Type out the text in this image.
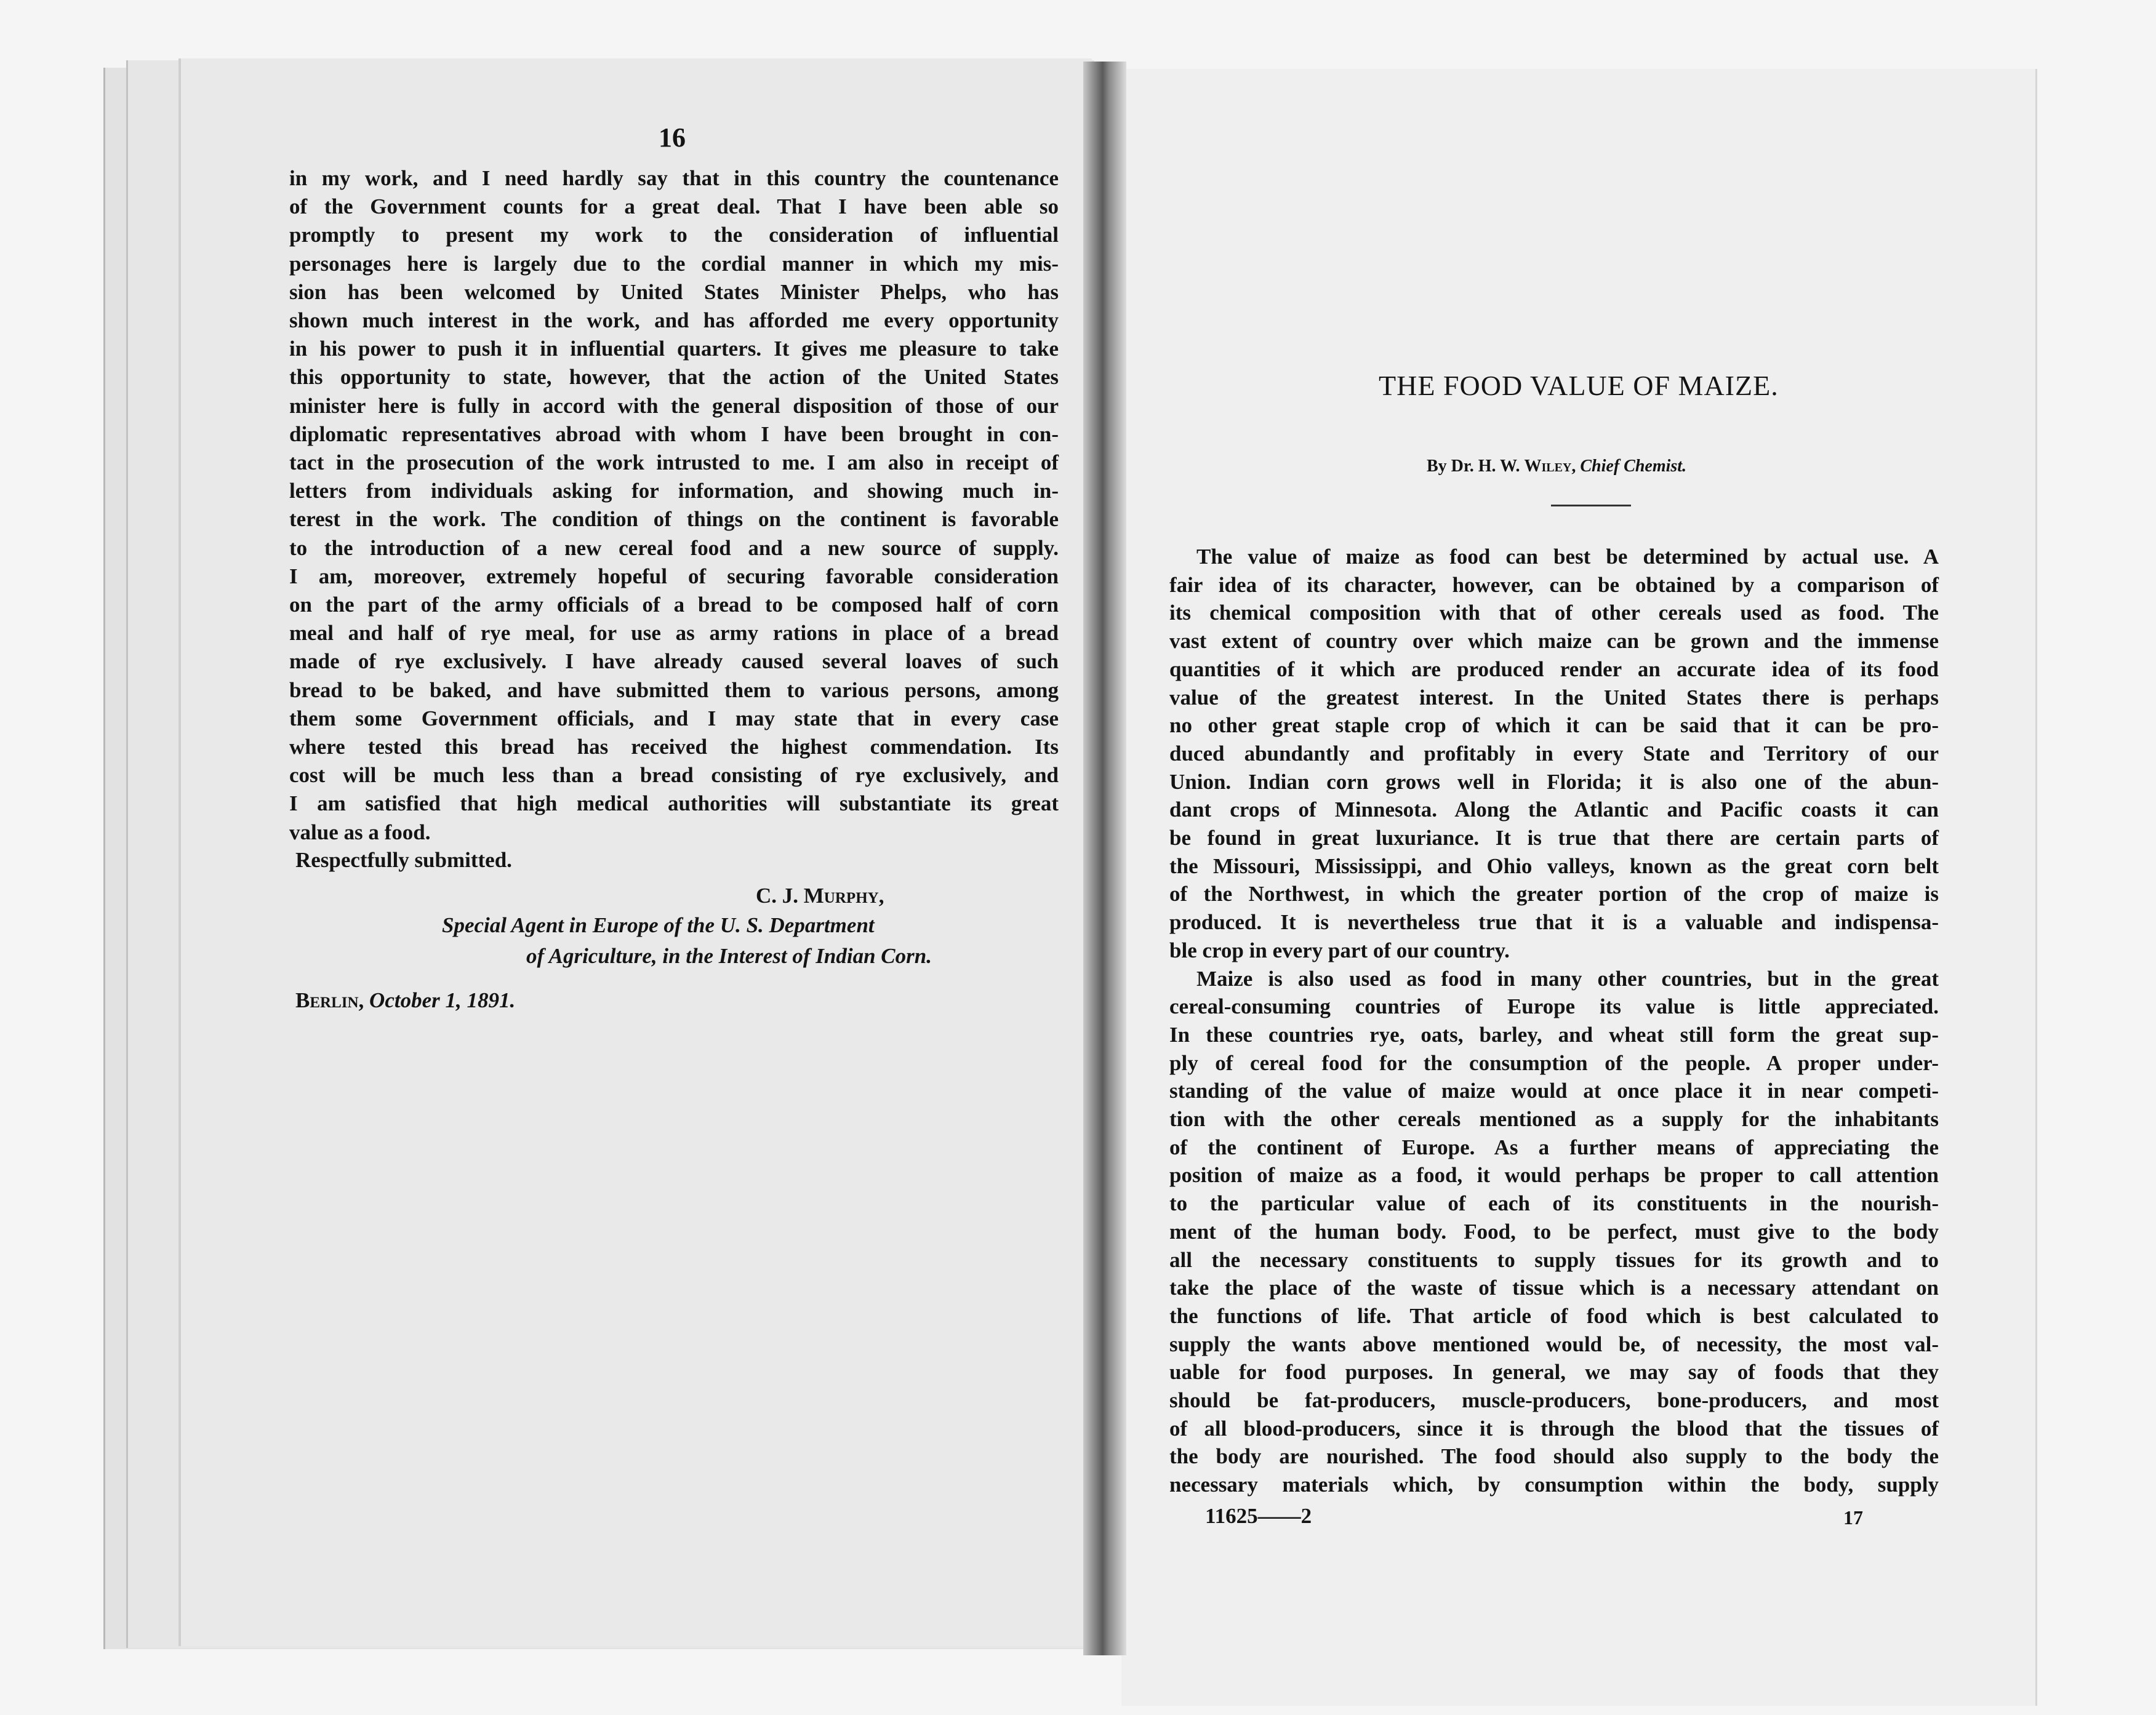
16
in my work, and I need hardly say that in this country the countenance
of the Government counts for a great deal. That I have been able so
promptly to present my work to the consideration of influential
personages here is largely due to the cordial manner in which my mis-
sion has been welcomed by United States Minister Phelps, who has
shown much interest in the work, and has afforded me every opportunity
in his power to push it in influential quarters. It gives me pleasure to take
this opportunity to state, however, that the action of the United States
minister here is fully in accord with the general disposition of those of our
diplomatic representatives abroad with whom I have been brought in con-
tact in the prosecution of the work intrusted to me. I am also in receipt of
letters from individuals asking for information, and showing much in-
terest in the work. The condition of things on the continent is favorable
to the introduction of a new cereal food and a new source of supply.
I am, moreover, extremely hopeful of securing favorable consideration
on the part of the army officials of a bread to be composed half of corn
meal and half of rye meal, for use as army rations in place of a bread
made of rye exclusively. I have already caused several loaves of such
bread to be baked, and have submitted them to various persons, among
them some Government officials, and I may state that in every case
where tested this bread has received the highest commendation. Its
cost will be much less than a bread consisting of rye exclusively, and
I am satisfied that high medical authorities will substantiate its great
value as a food.
Respectfully submitted.
C. J. Murphy,
Special Agent in Europe of the U. S. Department
of Agriculture, in the Interest of Indian Corn.
Berlin, October 1, 1891.
THE FOOD VALUE OF MAIZE.
By Dr. H. W. Wiley, Chief Chemist.
The value of maize as food can best be determined by actual use. A
fair idea of its character, however, can be obtained by a comparison of
its chemical composition with that of other cereals used as food. The
vast extent of country over which maize can be grown and the immense
quantities of it which are produced render an accurate idea of its food
value of the greatest interest. In the United States there is perhaps
no other great staple crop of which it can be said that it can be pro-
duced abundantly and profitably in every State and Territory of our
Union. Indian corn grows well in Florida; it is also one of the abun-
dant crops of Minnesota. Along the Atlantic and Pacific coasts it can
be found in great luxuriance. It is true that there are certain parts of
the Missouri, Mississippi, and Ohio valleys, known as the great corn belt
of the Northwest, in which the greater portion of the crop of maize is
produced. It is nevertheless true that it is a valuable and indispensa-
ble crop in every part of our country.
Maize is also used as food in many other countries, but in the great
cereal-consuming countries of Europe its value is little appreciated.
In these countries rye, oats, barley, and wheat still form the great sup-
ply of cereal food for the consumption of the people. A proper under-
standing of the value of maize would at once place it in near competi-
tion with the other cereals mentioned as a supply for the inhabitants
of the continent of Europe. As a further means of appreciating the
position of maize as a food, it would perhaps be proper to call attention
to the particular value of each of its constituents in the nourish-
ment of the human body. Food, to be perfect, must give to the body
all the necessary constituents to supply tissues for its growth and to
take the place of the waste of tissue which is a necessary attendant on
the functions of life. That article of food which is best calculated to
supply the wants above mentioned would be, of necessity, the most val-
uable for food purposes. In general, we may say of foods that they
should be fat-producers, muscle-producers, bone-producers, and most
of all blood-producers, since it is through the blood that the tissues of
the body are nourished. The food should also supply to the body the
necessary materials which, by consumption within the body, supply
11625——2	17
